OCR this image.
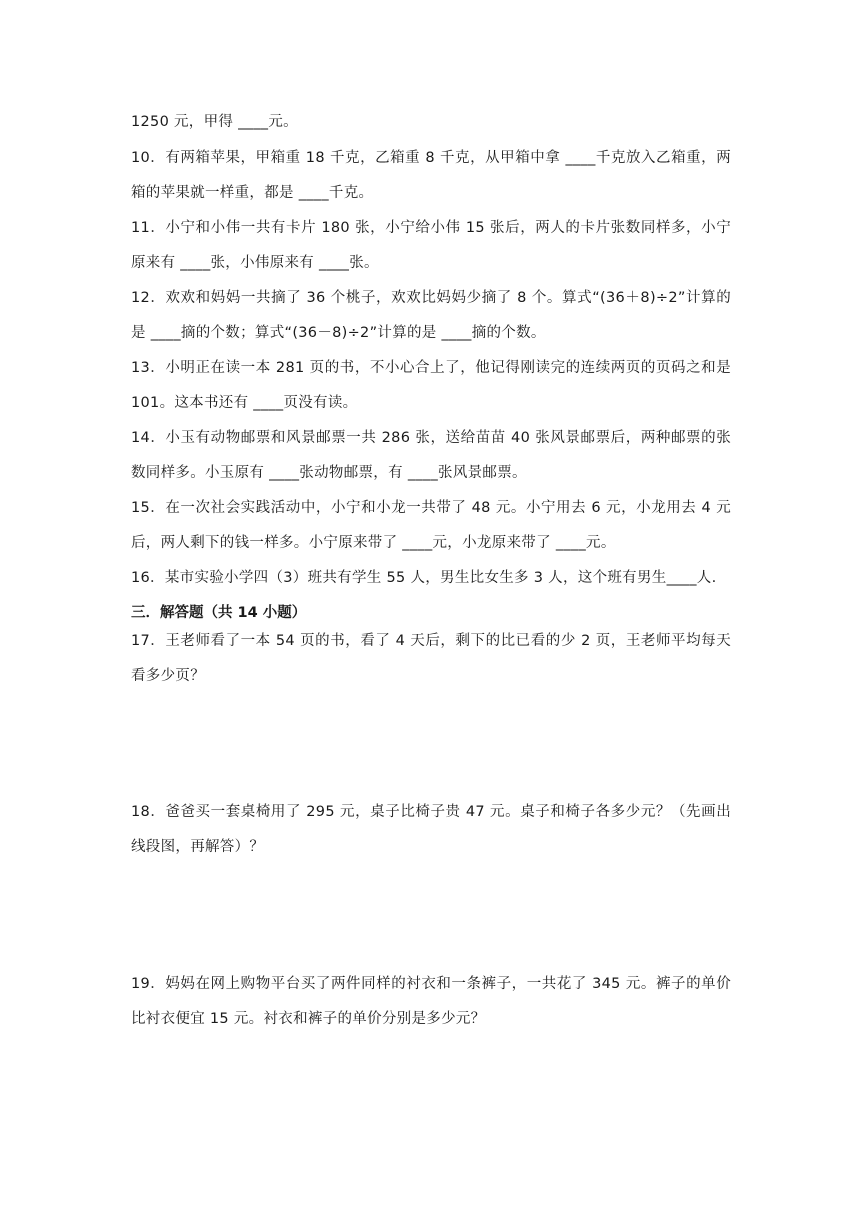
1250 元，甲得 ____元。

10．有两箱苹果，甲箱重 18 千克，乙箱重 8 千克，从甲箱中拿 ____千克放入乙箱重，两箱的苹果就一样重，都是 ____千克。

11．小宁和小伟一共有卡片 180 张，小宁给小伟 15 张后，两人的卡片张数同样多，小宁原来有 ____张，小伟原来有 ____张。

12．欢欢和妈妈一共摘了 36 个桃子，欢欢比妈妈少摘了 8 个。算式“(36＋8)÷2”计算的是 ____摘的个数；算式“(36－8)÷2”计算的是 ____摘的个数。

13．小明正在读一本 281 页的书，不小心合上了，他记得刚读完的连续两页的页码之和是101。这本书还有 ____页没有读。

14．小玉有动物邮票和风景邮票一共 286 张，送给苗苗 40 张风景邮票后，两种邮票的张数同样多。小玉原有 ____张动物邮票，有 ____张风景邮票。

15．在一次社会实践活动中，小宁和小龙一共带了 48 元。小宁用去 6 元，小龙用去 4 元后，两人剩下的钱一样多。小宁原来带了 ____元，小龙原来带了 ____元。

16．某市实验小学四（3）班共有学生 55 人，男生比女生多 3 人，这个班有男生____人.

三．解答题（共 14 小题）

17．王老师看了一本 54 页的书，看了 4 天后，剩下的比已看的少 2 页，王老师平均每天看多少页？

18．爸爸买一套桌椅用了 295 元，桌子比椅子贵 47 元。桌子和椅子各多少元？（先画出线段图，再解答）？

19．妈妈在网上购物平台买了两件同样的衬衣和一条裤子，一共花了 345 元。裤子的单价比衬衣便宜 15 元。衬衣和裤子的单价分别是多少元？
